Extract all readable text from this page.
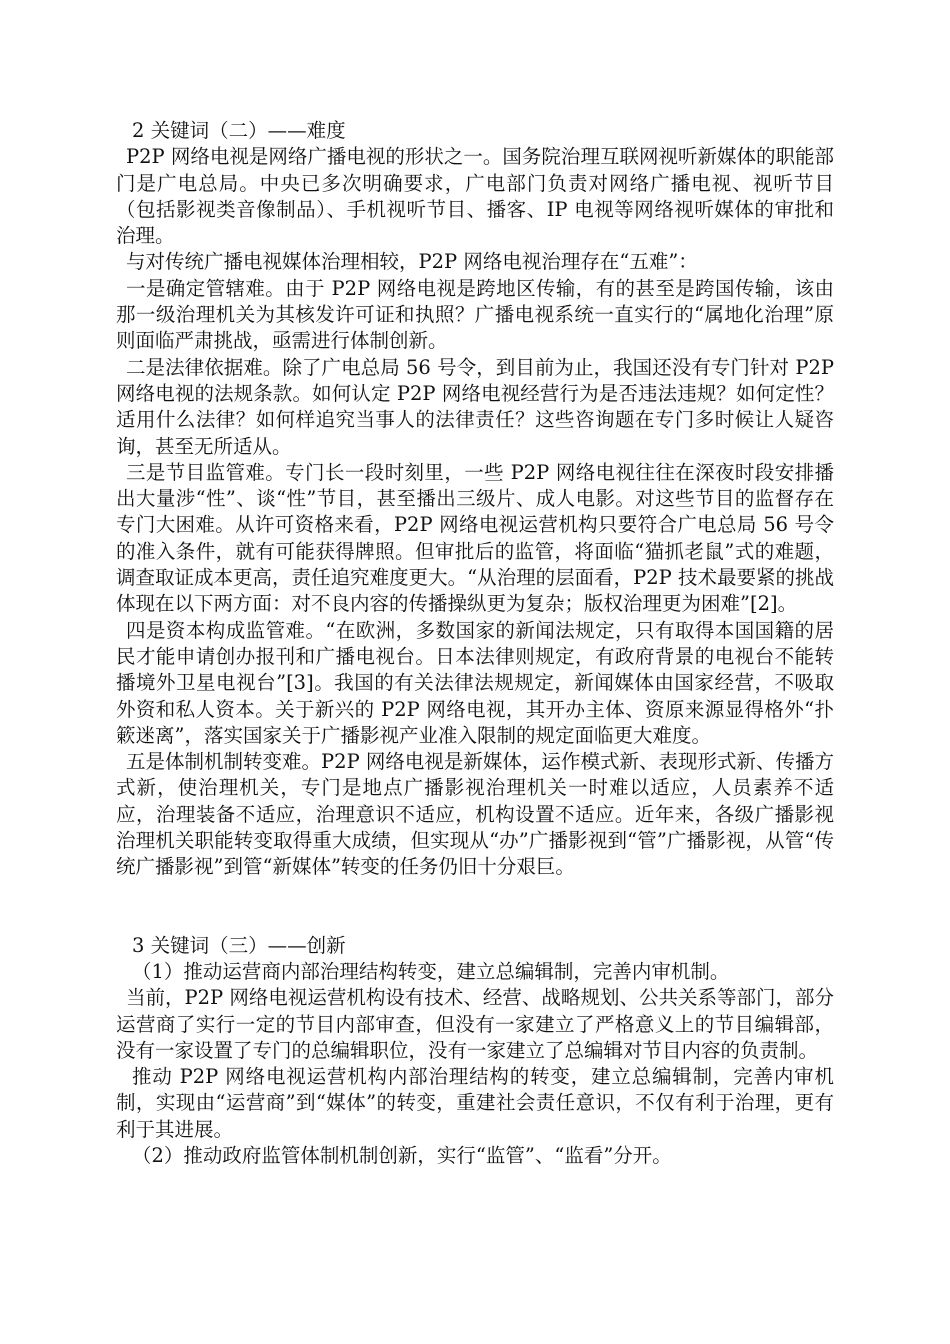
2 关键词（二）——难度

P2P 网络电视是网络广播电视的形状之一。国务院治理互联网视听新媒体的职能部门是广电总局。中央已多次明确要求，广电部门负责对网络广播电视、视听节目（包括影视类音像制品）、手机视听节目、播客、IP 电视等网络视听媒体的审批和治理。

与对传统广播电视媒体治理相较，P2P 网络电视治理存在“五难”：

一是确定管辖难。由于 P2P 网络电视是跨地区传输，有的甚至是跨国传输，该由那一级治理机关为其核发许可证和执照？广播电视系统一直实行的“属地化治理”原则面临严肃挑战，亟需进行体制创新。

二是法律依据难。除了广电总局 56 号令，到目前为止，我国还没有专门针对 P2P 网络电视的法规条款。如何认定 P2P 网络电视经营行为是否违法违规？如何定性？适用什么法律？如何样追究当事人的法律责任？这些咨询题在专门多时候让人疑咨询，甚至无所适从。

三是节目监管难。专门长一段时刻里，一些 P2P 网络电视往往在深夜时段安排播出大量涉“性”、谈“性”节目，甚至播出三级片、成人电影。对这些节目的监督存在专门大困难。从许可资格来看，P2P 网络电视运营机构只要符合广电总局 56 号令的准入条件，就有可能获得牌照。但审批后的监管，将面临“猫抓老鼠”式的难题，调查取证成本更高，责任追究难度更大。“从治理的层面看，P2P 技术最要紧的挑战体现在以下两方面：对不良内容的传播操纵更为复杂；版权治理更为困难”[2]。

四是资本构成监管难。“在欧洲，多数国家的新闻法规定，只有取得本国国籍的居民才能申请创办报刊和广播电视台。日本法律则规定，有政府背景的电视台不能转播境外卫星电视台”[3]。我国的有关法律法规规定，新闻媒体由国家经营，不吸取外资和私人资本。关于新兴的 P2P 网络电视，其开办主体、资原来源显得格外“扑簌迷离”，落实国家关于广播影视产业准入限制的规定面临更大难度。

五是体制机制转变难。P2P 网络电视是新媒体，运作模式新、表现形式新、传播方式新，使治理机关，专门是地点广播影视治理机关一时难以适应，人员素养不适应，治理装备不适应，治理意识不适应，机构设置不适应。近年来，各级广播影视治理机关职能转变取得重大成绩，但实现从“办”广播影视到“管”广播影视，从管“传统广播影视”到管“新媒体”转变的任务仍旧十分艰巨。

3 关键词（三）——创新

（1）推动运营商内部治理结构转变，建立总编辑制，完善内审机制。

当前，P2P 网络电视运营机构设有技术、经营、战略规划、公共关系等部门，部分运营商了实行一定的节目内部审查，但没有一家建立了严格意义上的节目编辑部，没有一家设置了专门的总编辑职位，没有一家建立了总编辑对节目内容的负责制。

推动 P2P 网络电视运营机构内部治理结构的转变，建立总编辑制，完善内审机制，实现由“运营商”到“媒体”的转变，重建社会责任意识，不仅有利于治理，更有利于其进展。

（2）推动政府监管体制机制创新，实行“监管”、“监看”分开。
